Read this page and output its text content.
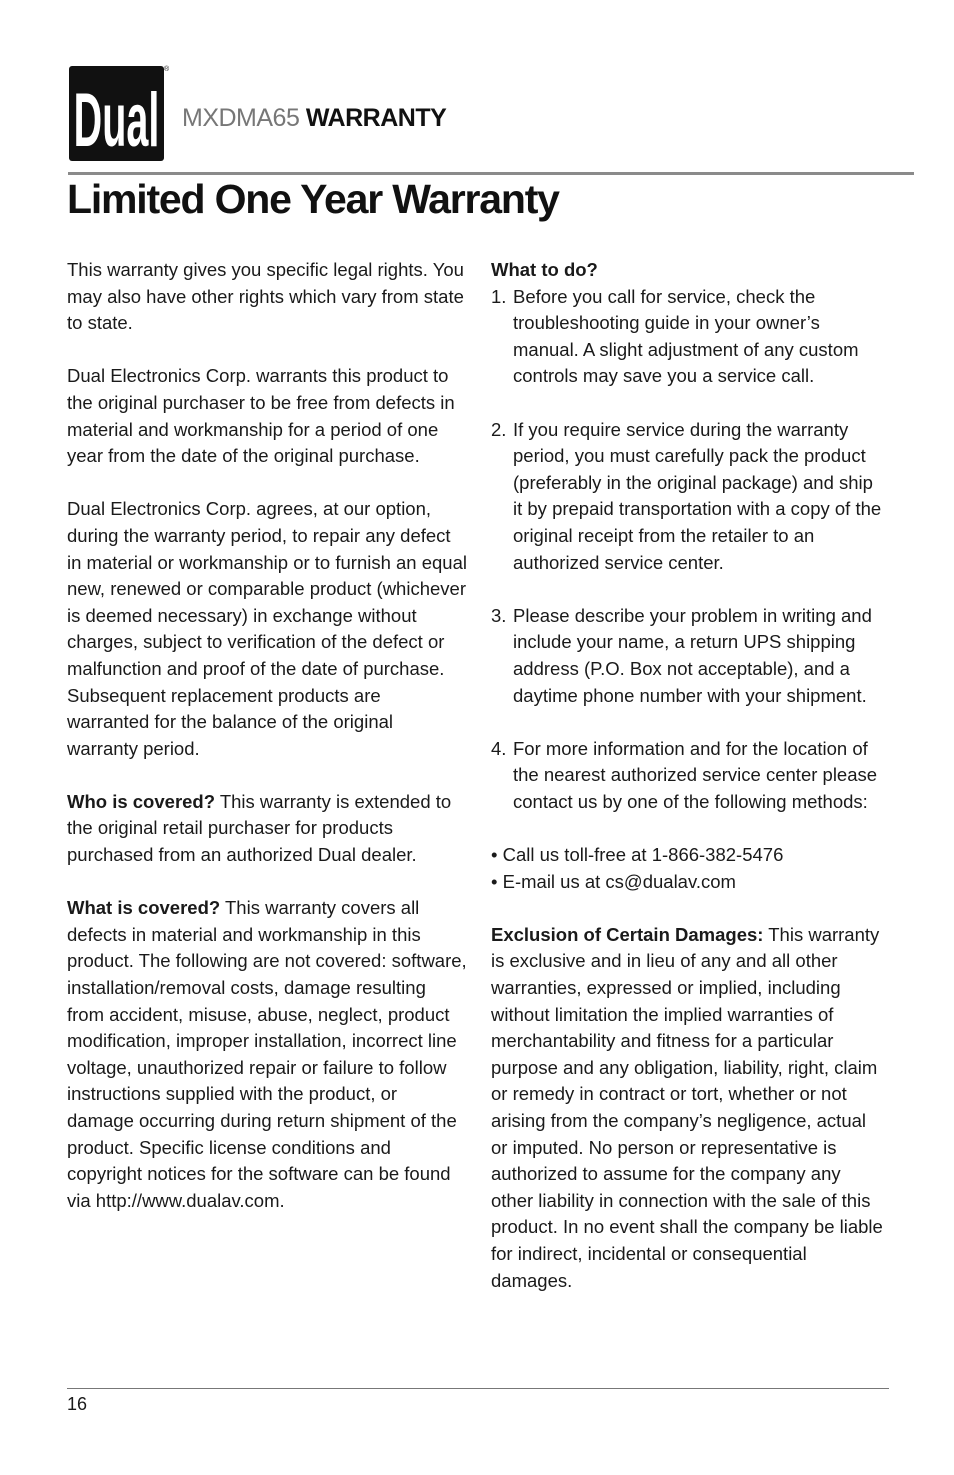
Dual
®
MXDMA65 WARRANTY
Limited One Year Warranty

This warranty gives you specific legal rights. You may also have other rights which vary from state to state.

Dual Electronics Corp. warrants this product to the original purchaser to be free from defects in material and workmanship for a period of one year from the date of the original purchase.

Dual Electronics Corp. agrees, at our option, during the warranty period, to repair any defect in material or workmanship or to furnish an equal new, renewed or comparable product (whichever is deemed necessary) in exchange without charges, subject to verification of the defect or malfunction and proof of the date of purchase. Subsequent replacement products are warranted for the balance of the original warranty period.

Who is covered? This warranty is extended to the original retail purchaser for products purchased from an authorized Dual dealer.

What is covered? This warranty covers all defects in material and workmanship in this product. The following are not covered: software, installation/removal costs, damage resulting from accident, misuse, abuse, neglect, product modification, improper installation, incorrect line voltage, unauthorized repair or failure to follow instructions supplied with the product, or damage occurring during return shipment of the product. Specific license conditions and copyright notices for the software can be found via http://www.dualav.com.

What to do?
1. Before you call for service, check the troubleshooting guide in your owner’s manual. A slight adjustment of any custom controls may save you a service call.
2. If you require service during the warranty period, you must carefully pack the product (preferably in the original package) and ship it by prepaid transportation with a copy of the original receipt from the retailer to an authorized service center.
3. Please describe your problem in writing and include your name, a return UPS shipping address (P.O. Box not acceptable), and a daytime phone number with your shipment.
4. For more information and for the location of the nearest authorized service center please contact us by one of the following methods:
• Call us toll-free at 1-866-382-5476
• E-mail us at cs@dualav.com

Exclusion of Certain Damages: This warranty is exclusive and in lieu of any and all other warranties, expressed or implied, including without limitation the implied warranties of merchantability and fitness for a particular purpose and any obligation, liability, right, claim or remedy in contract or tort, whether or not arising from the company’s negligence, actual or imputed. No person or representative is authorized to assume for the company any other liability in connection with the sale of this product. In no event shall the company be liable for indirect, incidental or consequential damages.

16
